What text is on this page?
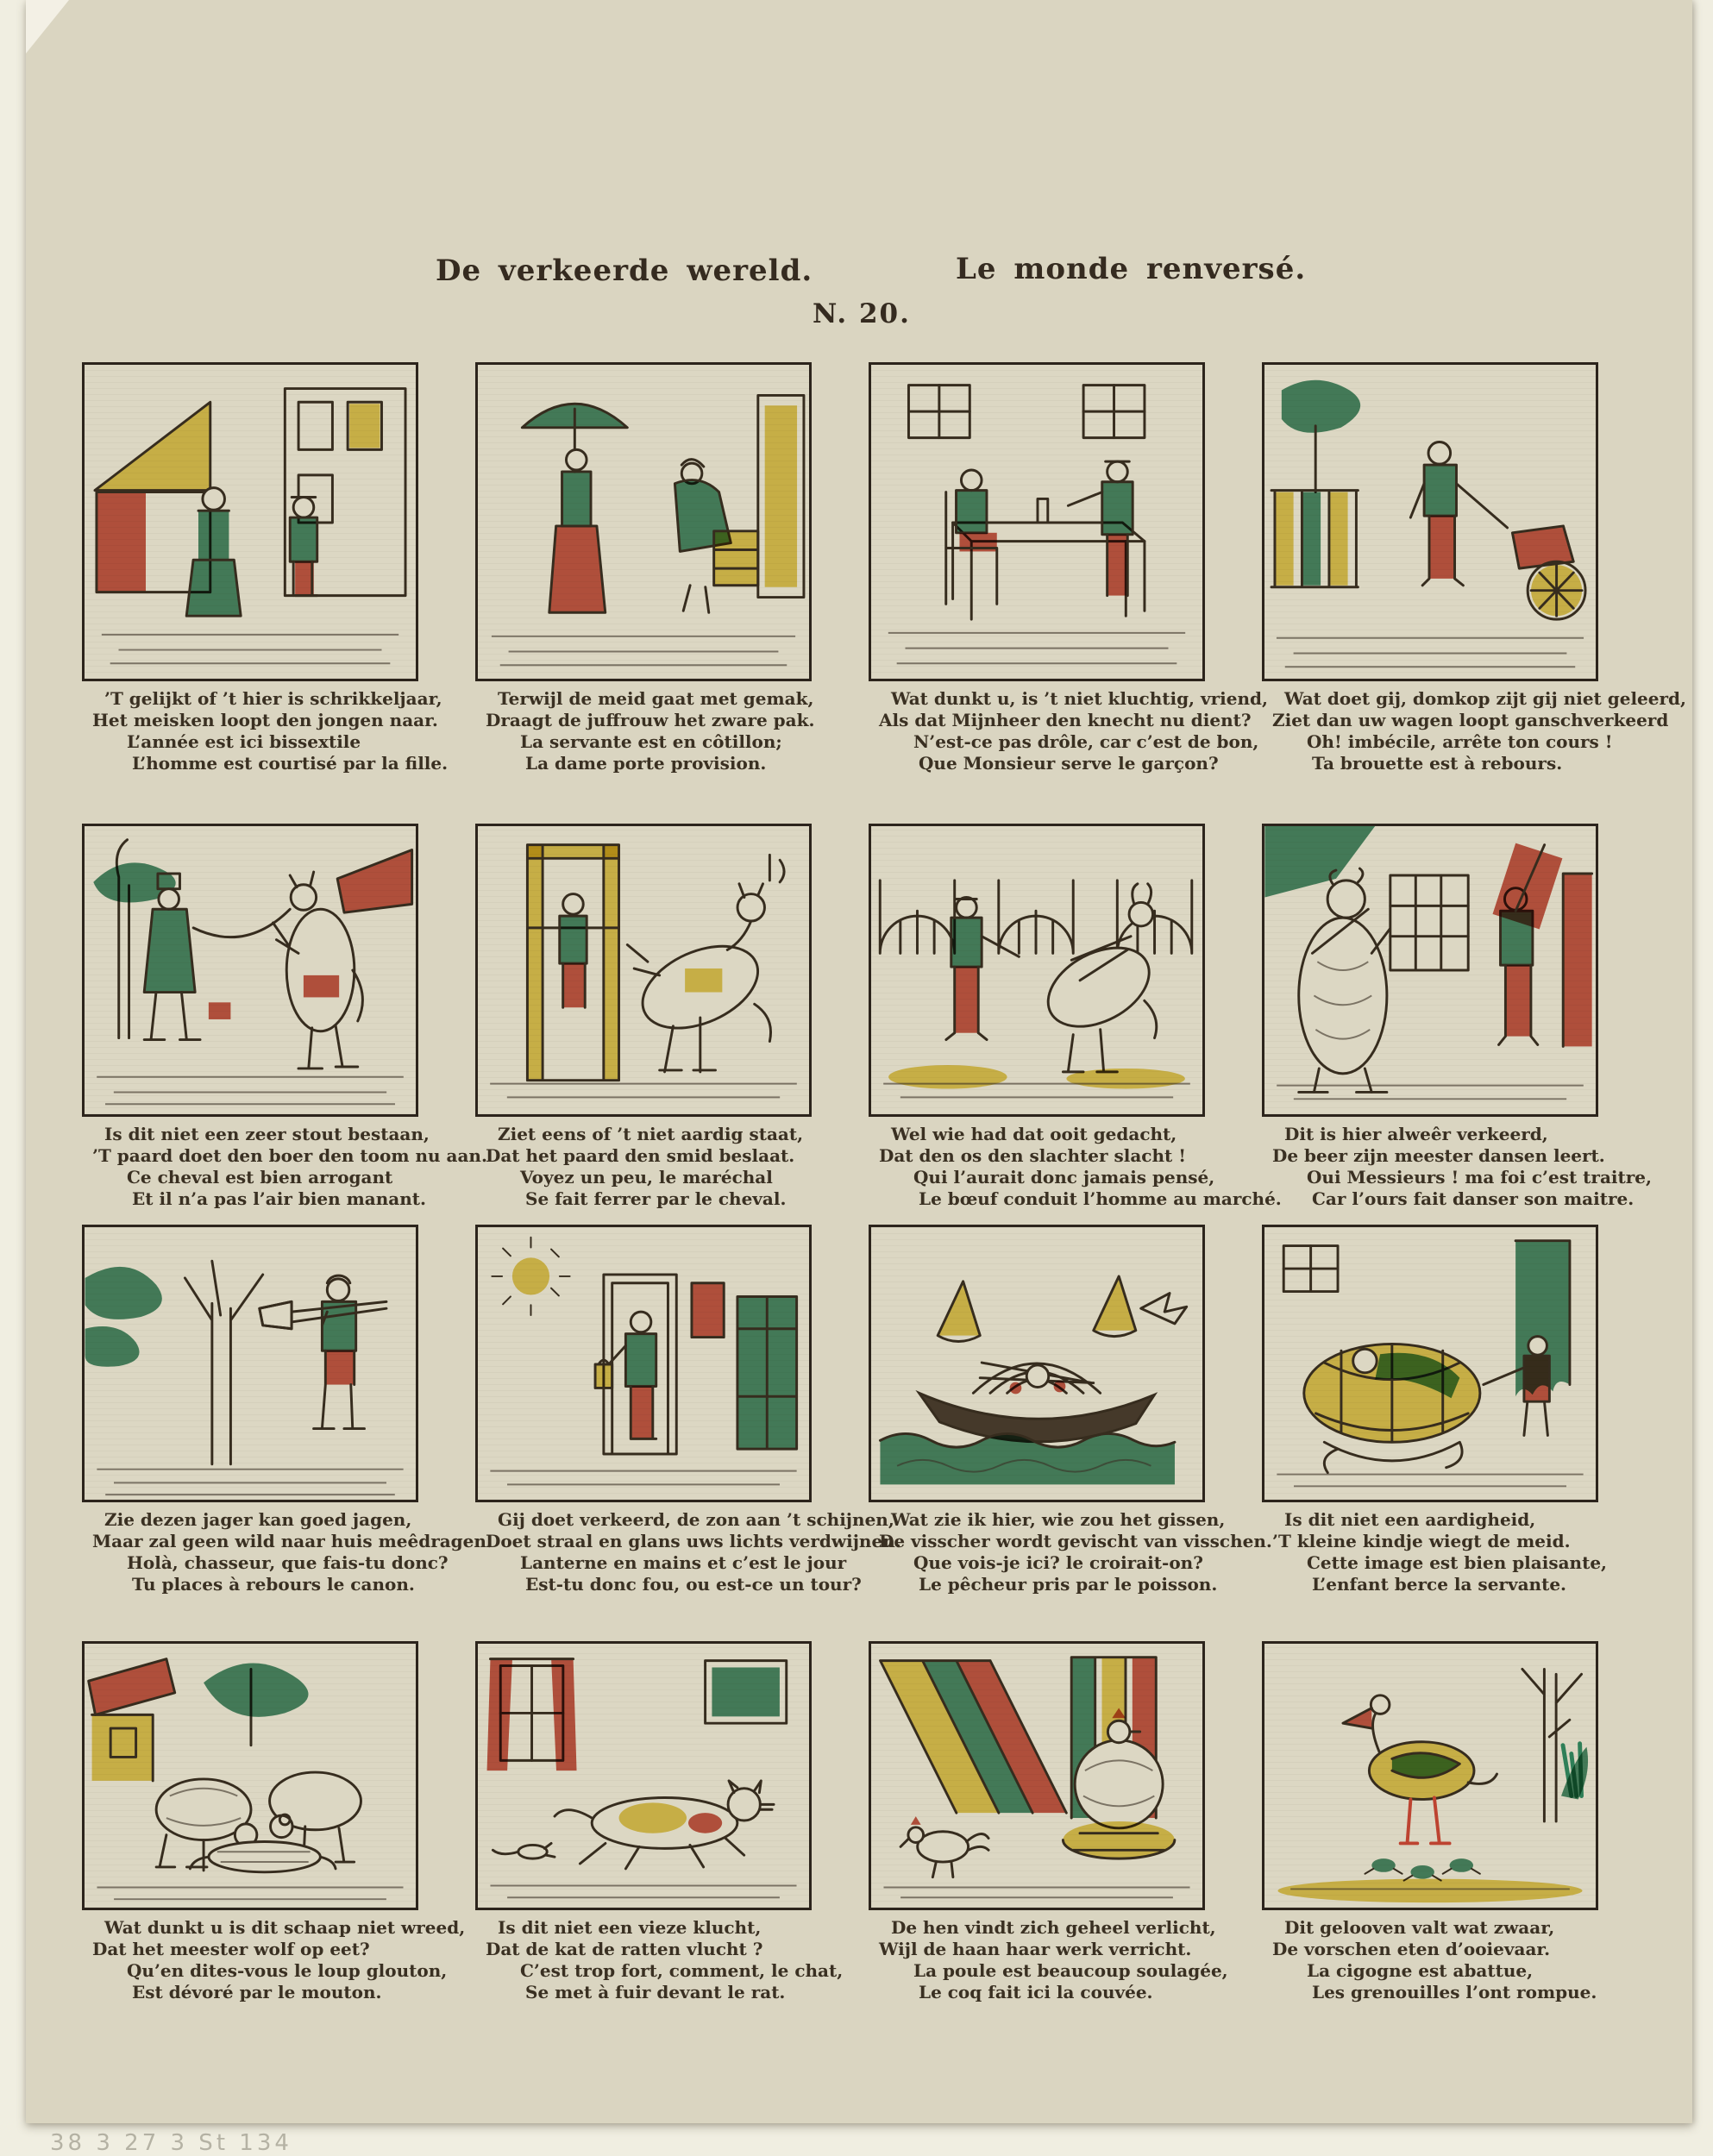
De verkeerde wereld.	Le monde renversé.
N. 20.

’T gelijkt of ’t hier is schrikkeljaar,

Het meisken loopt den jongen naar.

L’année est ici bissextile

L’homme est courtisé par la fille.

Terwijl de meid gaat met gemak,

Draagt de juffrouw het zware pak.

La servante est en côtillon;

La dame porte provision.

Wat dunkt u, is ’t niet kluchtig, vriend,

Als dat Mijnheer den knecht nu dient?

N’est-ce pas drôle, car c’est de bon,

Que Monsieur serve le garçon?

Wat doet gij, domkop zijt gij niet geleerd,

Ziet dan uw wagen loopt ganschverkeerd

Oh! imbécile, arrête ton cours !

Ta brouette est à rebours.

Is dit niet een zeer stout bestaan,

’T paard doet den boer den toom nu aan.

Ce cheval est bien arrogant

Et il n’a pas l’air bien manant.

Ziet eens of ’t niet aardig staat,

Dat het paard den smid beslaat.

Voyez un peu, le maréchal

Se fait ferrer par le cheval.

Wel wie had dat ooit gedacht,

Dat den os den slachter slacht !

Qui l’aurait donc jamais pensé,

Le bœuf conduit l’homme au marché.

Dit is hier alweêr verkeerd,

De beer zijn meester dansen leert.

Oui Messieurs ! ma foi c’est traitre,

Car l’ours fait danser son maitre.

Zie dezen jager kan goed jagen,

Maar zal geen wild naar huis meêdragen.

Holà, chasseur, que fais-tu donc?

Tu places à rebours le canon.

Gij doet verkeerd, de zon aan ’t schijnen,

Doet straal en glans uws lichts verdwijnen.

Lanterne en mains et c’est le jour

Est-tu donc fou, ou est-ce un tour?

Wat zie ik hier, wie zou het gissen,

De visscher wordt gevischt van visschen.

Que vois-je ici? le croirait-on?

Le pêcheur pris par le poisson.

Is dit niet een aardigheid,

’T kleine kindje wiegt de meid.

Cette image est bien plaisante,

L’enfant berce la servante.

Wat dunkt u is dit schaap niet wreed,

Dat het meester wolf op eet?

Qu’en dites-vous le loup glouton,

Est dévoré par le mouton.

Is dit niet een vieze klucht,

Dat de kat de ratten vlucht ?

C’est trop fort, comment, le chat,

Se met à fuir devant le rat.

De hen vindt zich geheel verlicht,

Wijl de haan haar werk verricht.

La poule est beaucoup soulagée,

Le coq fait ici la couvée.

Dit gelooven valt wat zwaar,

De vorschen eten d’ooievaar.

La cigogne est abattue,

Les grenouilles l’ont rompue.

38 3 27 3 St 134
